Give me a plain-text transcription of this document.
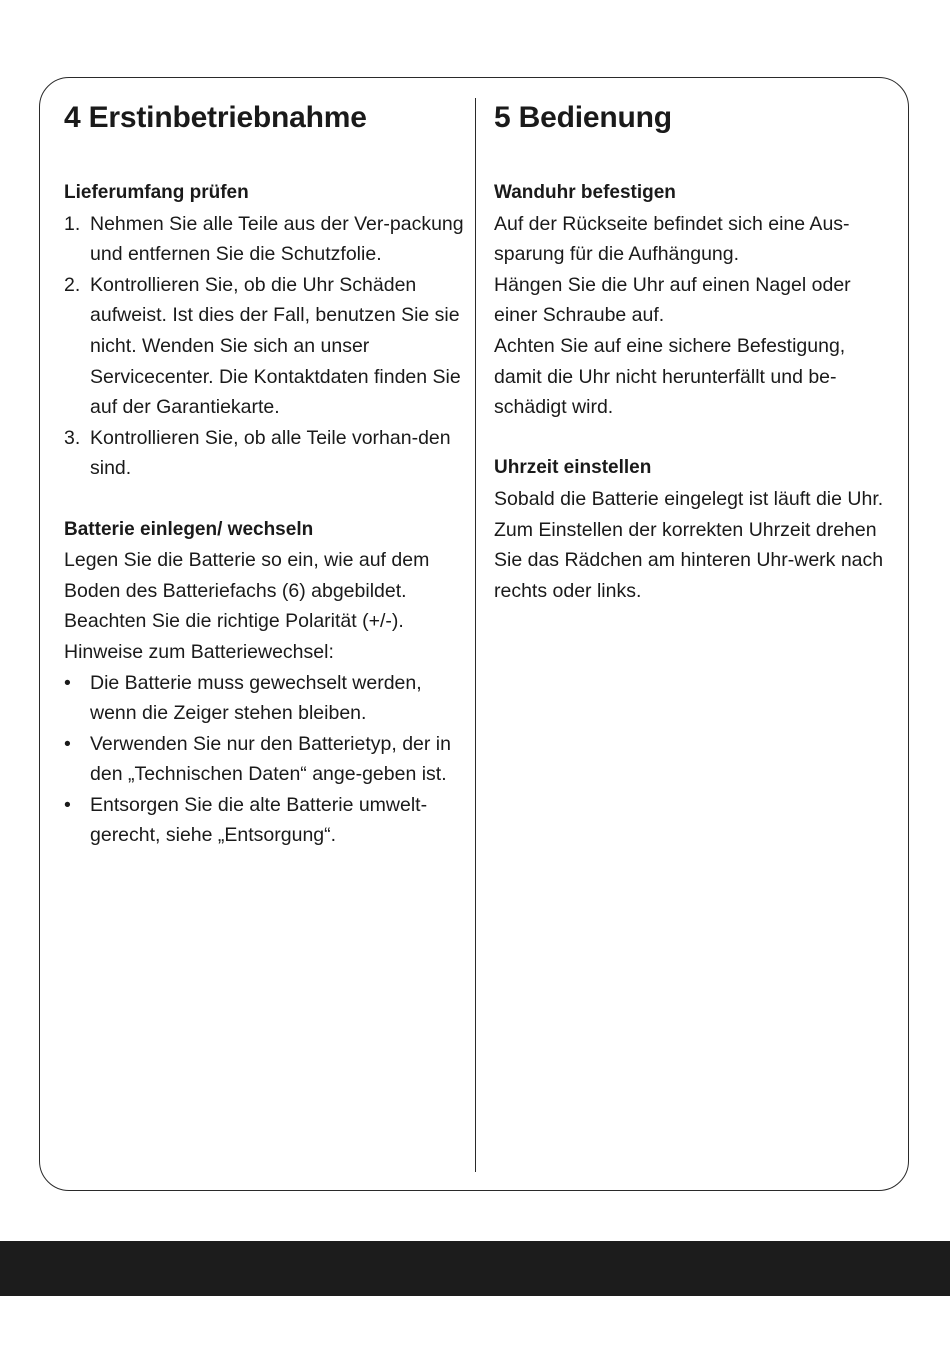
4 Erstinbetriebnahme
Lieferumfang prüfen
1. Nehmen Sie alle Teile aus der Ver-packung und entfernen Sie die Schutzfolie.
2. Kontrollieren Sie, ob die Uhr Schäden aufweist. Ist dies der Fall, benutzen Sie sie nicht. Wenden Sie sich an unser Servicecenter. Die Kontaktdaten finden Sie auf der Garantiekarte.
3. Kontrollieren Sie, ob alle Teile vorhan-den sind.
Batterie einlegen/ wechseln

Legen Sie die Batterie so ein, wie auf dem Boden des Batteriefachs (6) abgebildet.

Beachten Sie die richtige Polarität (+/-).

Hinweise zum Batteriewechsel:

• Die Batterie muss gewechselt werden, wenn die Zeiger stehen bleiben.
• Verwenden Sie nur den Batterietyp, der in den „Technischen Daten“ ange-geben ist.
• Entsorgen Sie die alte Batterie umwelt-gerecht, siehe „Entsorgung“.
5 Bedienung
Wanduhr befestigen

Auf der Rückseite befindet sich eine Aus-sparung für die Aufhängung.

Hängen Sie die Uhr auf einen Nagel oder einer Schraube auf.

Achten Sie auf eine sichere Befestigung, damit die Uhr nicht herunterfällt und be-schädigt wird.

Uhrzeit einstellen

Sobald die Batterie eingelegt ist läuft die Uhr. Zum Einstellen der korrekten Uhrzeit drehen Sie das Rädchen am hinteren Uhr-werk nach rechts oder links.
